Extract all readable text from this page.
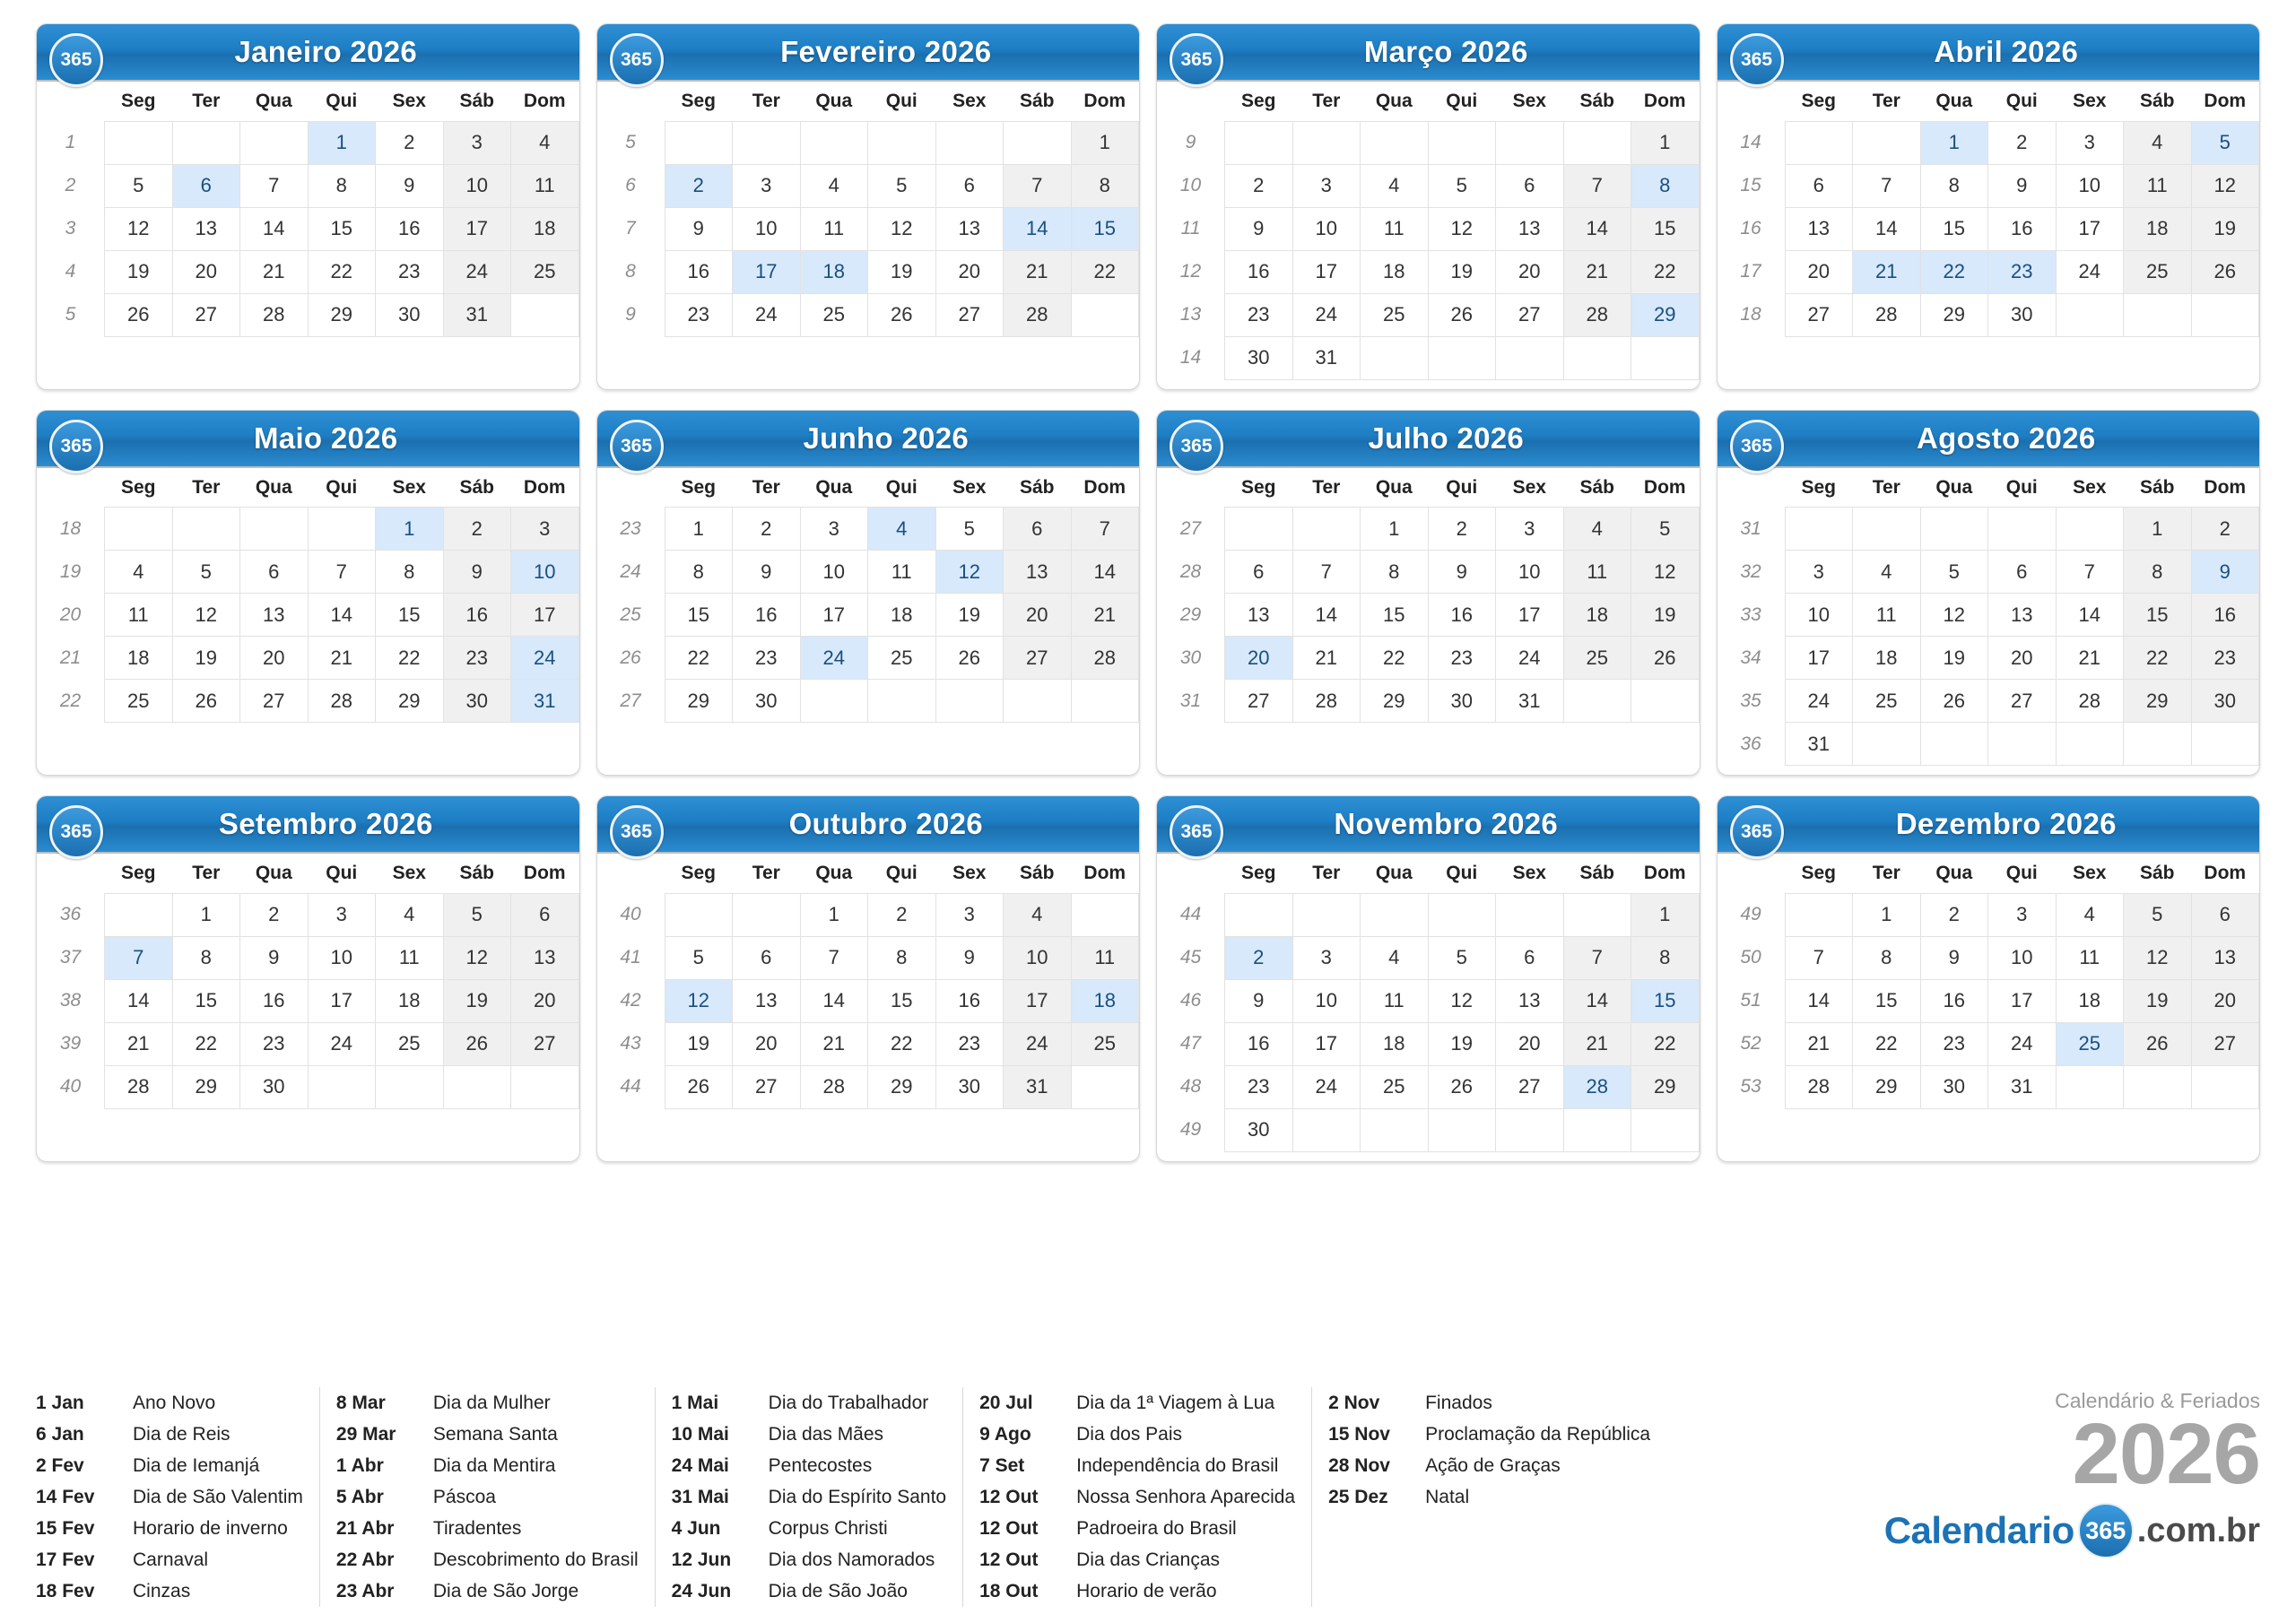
365	Janeiro 2026
	Seg	Ter	Qua	Qui	Sex	Sáb	Dom
1				1	2	3	4
2	5	6	7	8	9	10	11
3	12	13	14	15	16	17	18
4	19	20	21	22	23	24	25
5	26	27	28	29	30	31	
365	Fevereiro 2026
	Seg	Ter	Qua	Qui	Sex	Sáb	Dom
5							1
6	2	3	4	5	6	7	8
7	9	10	11	12	13	14	15
8	16	17	18	19	20	21	22
9	23	24	25	26	27	28	
365	Março 2026
	Seg	Ter	Qua	Qui	Sex	Sáb	Dom
9							1
10	2	3	4	5	6	7	8
11	9	10	11	12	13	14	15
12	16	17	18	19	20	21	22
13	23	24	25	26	27	28	29
14	30	31					
365	Abril 2026
	Seg	Ter	Qua	Qui	Sex	Sáb	Dom
14			1	2	3	4	5
15	6	7	8	9	10	11	12
16	13	14	15	16	17	18	19
17	20	21	22	23	24	25	26
18	27	28	29	30			
365	Maio 2026
	Seg	Ter	Qua	Qui	Sex	Sáb	Dom
18					1	2	3
19	4	5	6	7	8	9	10
20	11	12	13	14	15	16	17
21	18	19	20	21	22	23	24
22	25	26	27	28	29	30	31
365	Junho 2026
	Seg	Ter	Qua	Qui	Sex	Sáb	Dom
23	1	2	3	4	5	6	7
24	8	9	10	11	12	13	14
25	15	16	17	18	19	20	21
26	22	23	24	25	26	27	28
27	29	30					
365	Julho 2026
	Seg	Ter	Qua	Qui	Sex	Sáb	Dom
27			1	2	3	4	5
28	6	7	8	9	10	11	12
29	13	14	15	16	17	18	19
30	20	21	22	23	24	25	26
31	27	28	29	30	31		
365	Agosto 2026
	Seg	Ter	Qua	Qui	Sex	Sáb	Dom
31						1	2
32	3	4	5	6	7	8	9
33	10	11	12	13	14	15	16
34	17	18	19	20	21	22	23
35	24	25	26	27	28	29	30
36	31						
365	Setembro 2026
	Seg	Ter	Qua	Qui	Sex	Sáb	Dom
36		1	2	3	4	5	6
37	7	8	9	10	11	12	13
38	14	15	16	17	18	19	20
39	21	22	23	24	25	26	27
40	28	29	30				
365	Outubro 2026
	Seg	Ter	Qua	Qui	Sex	Sáb	Dom
40			1	2	3	4	
41	5	6	7	8	9	10	11
42	12	13	14	15	16	17	18
43	19	20	21	22	23	24	25
44	26	27	28	29	30	31	
365	Novembro 2026
	Seg	Ter	Qua	Qui	Sex	Sáb	Dom
44							1
45	2	3	4	5	6	7	8
46	9	10	11	12	13	14	15
47	16	17	18	19	20	21	22
48	23	24	25	26	27	28	29
49	30						
365	Dezembro 2026
	Seg	Ter	Qua	Qui	Sex	Sáb	Dom
49		1	2	3	4	5	6
50	7	8	9	10	11	12	13
51	14	15	16	17	18	19	20
52	21	22	23	24	25	26	27
53	28	29	30	31			
1 Jan	Ano Novo
6 Jan	Dia de Reis
2 Fev	Dia de Iemanjá
14 Fev	Dia de São Valentim
15 Fev	Horario de inverno
17 Fev	Carnaval
18 Fev	Cinzas
8 Mar	Dia da Mulher
29 Mar	Semana Santa
1 Abr	Dia da Mentira
5 Abr	Páscoa
21 Abr	Tiradentes
22 Abr	Descobrimento do Brasil
23 Abr	Dia de São Jorge
1 Mai	Dia do Trabalhador
10 Mai	Dia das Mães
24 Mai	Pentecostes
31 Mai	Dia do Espírito Santo
4 Jun	Corpus Christi
12 Jun	Dia dos Namorados
24 Jun	Dia de São João
20 Jul	Dia da 1ª Viagem à Lua
9 Ago	Dia dos Pais
7 Set	Independência do Brasil
12 Out	Nossa Senhora Aparecida
12 Out	Padroeira do Brasil
12 Out	Dia das Crianças
18 Out	Horario de verão
2 Nov	Finados
15 Nov	Proclamação da República
28 Nov	Ação de Graças
25 Dez	Natal
Calendário & Feriados
2026
Calendario 365 .com.br
